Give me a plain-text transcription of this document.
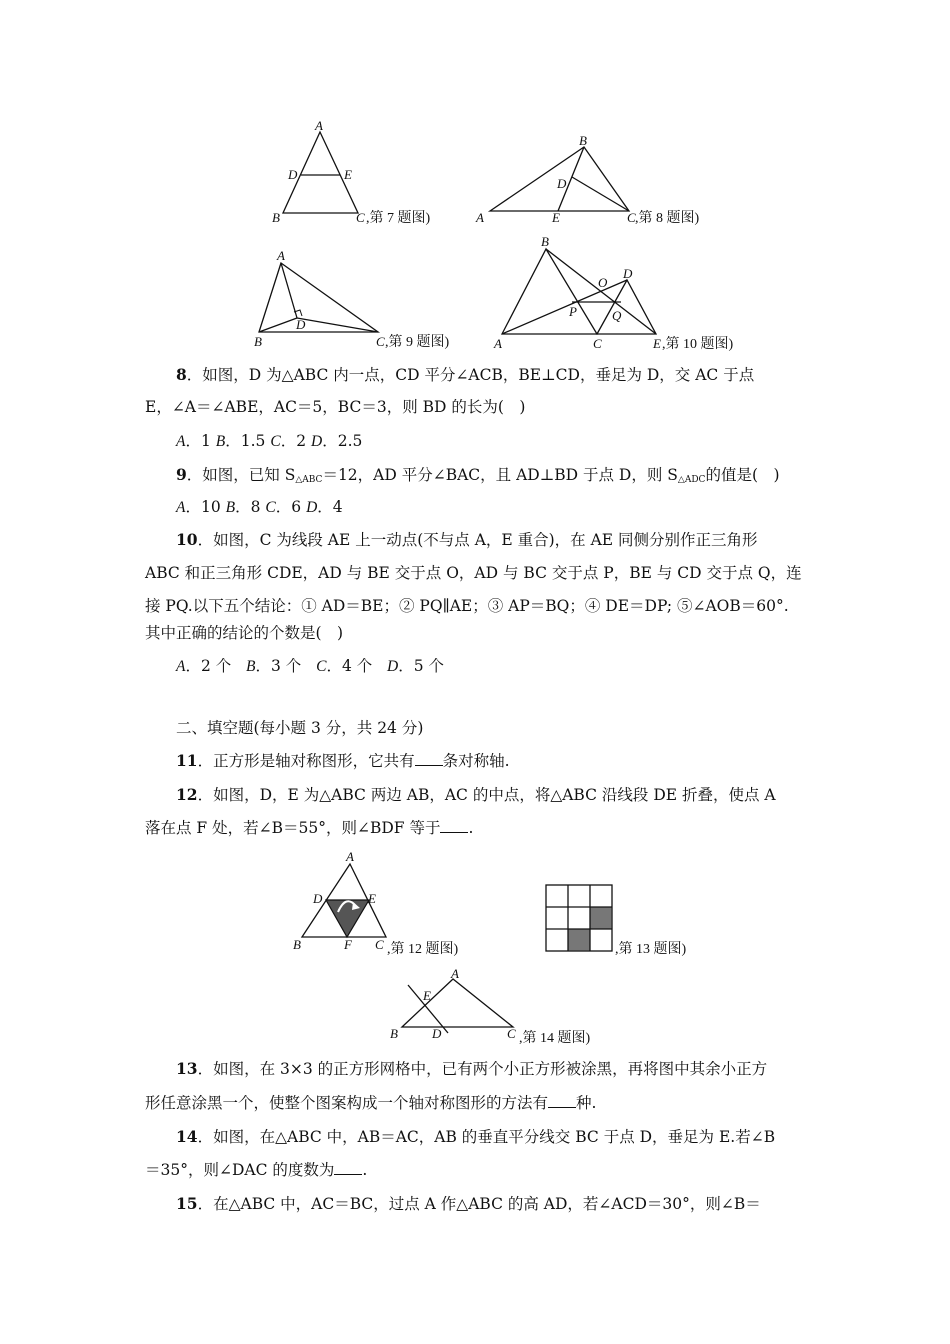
A
D	E
B	C ,第 7 题图)
B
D
A	E	C ,第 8 题图)
A
D
B	C ,第 9 题图)
B
O
D
P	Q
A	C	E ,第 10 题图)
8．如图，D 为△ABC 内一点，CD 平分∠ACB，BE⊥CD，垂足为 D，交 AC 于点
E，∠A＝∠ABE，AC＝5，BC＝3，则 BD 的长为(　)
A．1 B．1.5 C．2 D．2.5
9．如图，已知 $S_{\triangle ABC}=12$，AD 平分∠BAC，且 AD⊥BD 于点 D，则 $S_{\triangle ADC}$的值是(　)
A．10 B．8 C．6 D．4
10．如图，C 为线段 AE 上一动点(不与点 A，E 重合)，在 AE 同侧分别作正三角形
ABC 和正三角形 CDE，AD 与 BE 交于点 O，AD 与 BC 交于点 P，BE 与 CD 交于点 Q，连
接 PQ.以下五个结论：① AD＝BE；② PQ∥AE；③ AP＝BQ；④ DE＝DP; ⑤∠AOB＝60°.
其中正确的结论的个数是(　)
A．2 个 B．3 个 C．4 个 D．5 个
二、填空题(每小题 3 分，共 24 分)
11．正方形是轴对称图形，它共有 条对称轴.
12．如图，D，E 为△ABC 两边 AB，AC 的中点，将△ABC 沿线段 DE 折叠，使点 A
落在点 F 处，若∠B＝55°，则∠BDF 等于 .
A
D	E
B	F C ,第 12 题图)	,第 13 题图)
A
E
B	D	C ,第 14 题图)
13．如图，在 3×3 的正方形网格中，已有两个小正方形被涂黑，再将图中其余小正方
形任意涂黑一个，使整个图案构成一个轴对称图形的方法有 种.
14．如图，在△ABC 中，AB＝AC，AB 的垂直平分线交 BC 于点 D，垂足为 E.若∠B
＝35°，则∠DAC 的度数为 .
15．在△ABC 中，AC＝BC，过点 A 作△ABC 的高 AD，若∠ACD＝30°，则∠B＝
